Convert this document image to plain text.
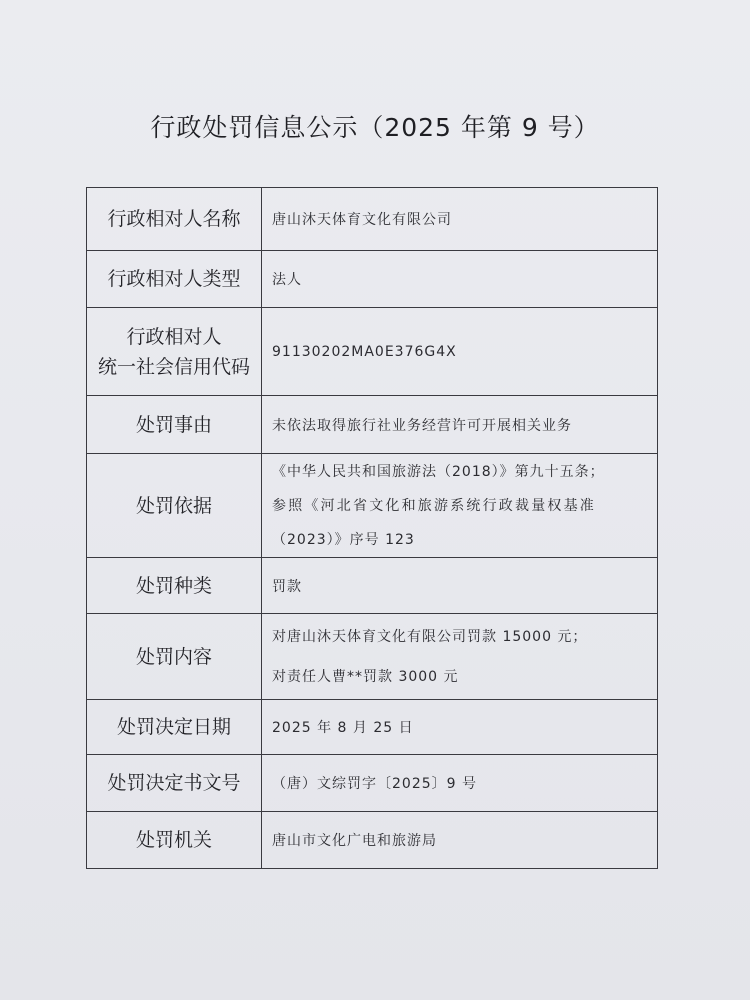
行政处罚信息公示（2025 年第 9 号）
行政相对人名称	唐山沐天体育文化有限公司
行政相对人类型	法人

行政相对人
统一社会信用代码	91130202MA0E376G4X
处罚事由	未依法取得旅行社业务经营许可开展相关业务
处罚依据	《中华人民共和国旅游法（2018）》第九十五条；
参照《河北省文化和旅游系统行政裁量权基准
（2023）》序号 123

处罚种类	罚款
处罚内容	对唐山沐天体育文化有限公司罚款 15000 元；
对责任人曹**罚款 3000 元

处罚决定日期	2025 年 8 月 25 日
处罚决定书文号	（唐）文综罚字〔2025〕9 号
处罚机关	唐山市文化广电和旅游局
